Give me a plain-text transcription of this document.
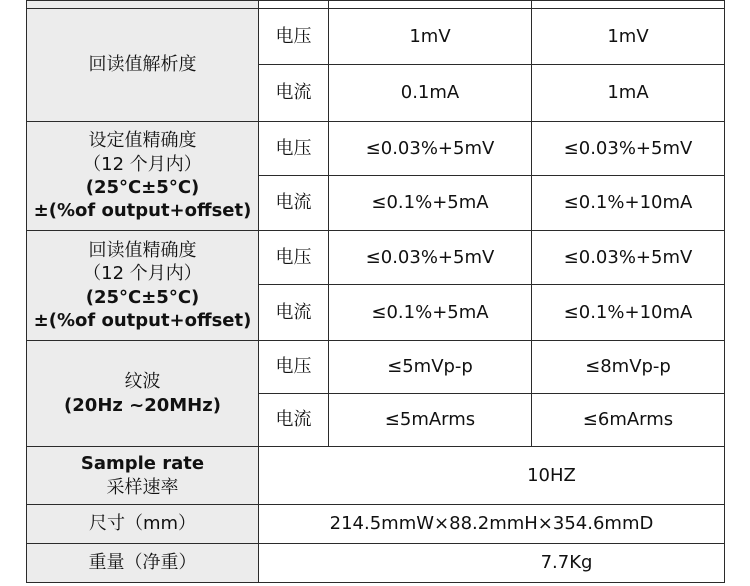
回读值解析度	电压	1mV	1mV
	电流	0.1mA	1mA

设定值精确度
（12 个月内）
(25°C±5°C)
±(%of output+offset)	电压	≤0.03%+5mV	≤0.03%+5mV
	电流	≤0.1%+5mA	≤0.1%+10mA

回读值精确度
（12 个月内）
(25°C±5°C)
±(%of output+offset)	电压	≤0.03%+5mV	≤0.03%+5mV
	电流	≤0.1%+5mA	≤0.1%+10mA

纹波
(20Hz ~20MHz)	电压	≤5mVp-p	≤8mVp-p
	电流	≤5mArms	≤6mArms

Sample rate
采样速率	10HZ		
尺寸（mm）	214.5mmW×88.2mmH×354.6mmD		
重量（净重）	7.7Kg		
